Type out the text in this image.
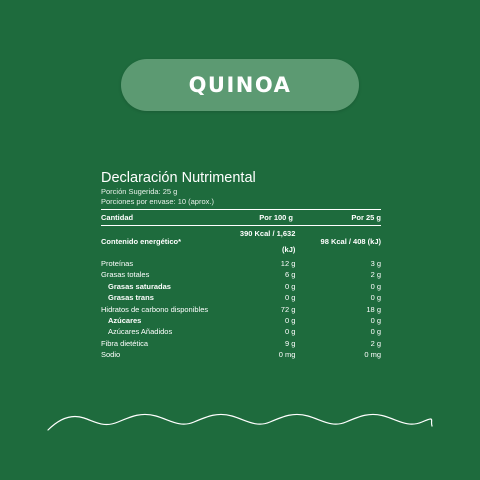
QUINOA

Declaración Nutrimental

Porción Sugerida: 25 g

Porciones por envase: 10 (aprox.)

Cantidad	Por 100 g	Por 25 g
Contenido energético*	390 Kcal / 1,632 (kJ)	98 Kcal / 408 (kJ)
Proteínas	12 g	3 g
Grasas totales	6 g	2 g
Grasas saturadas	0 g	0 g
Grasas trans	0 g	0 g
Hidratos de carbono disponibles	72 g	18 g
Azúcares	0 g	0 g
Azúcares Añadidos	0 g	0 g
Fibra dietética	9 g	2 g
Sodio	0 mg	0 mg
